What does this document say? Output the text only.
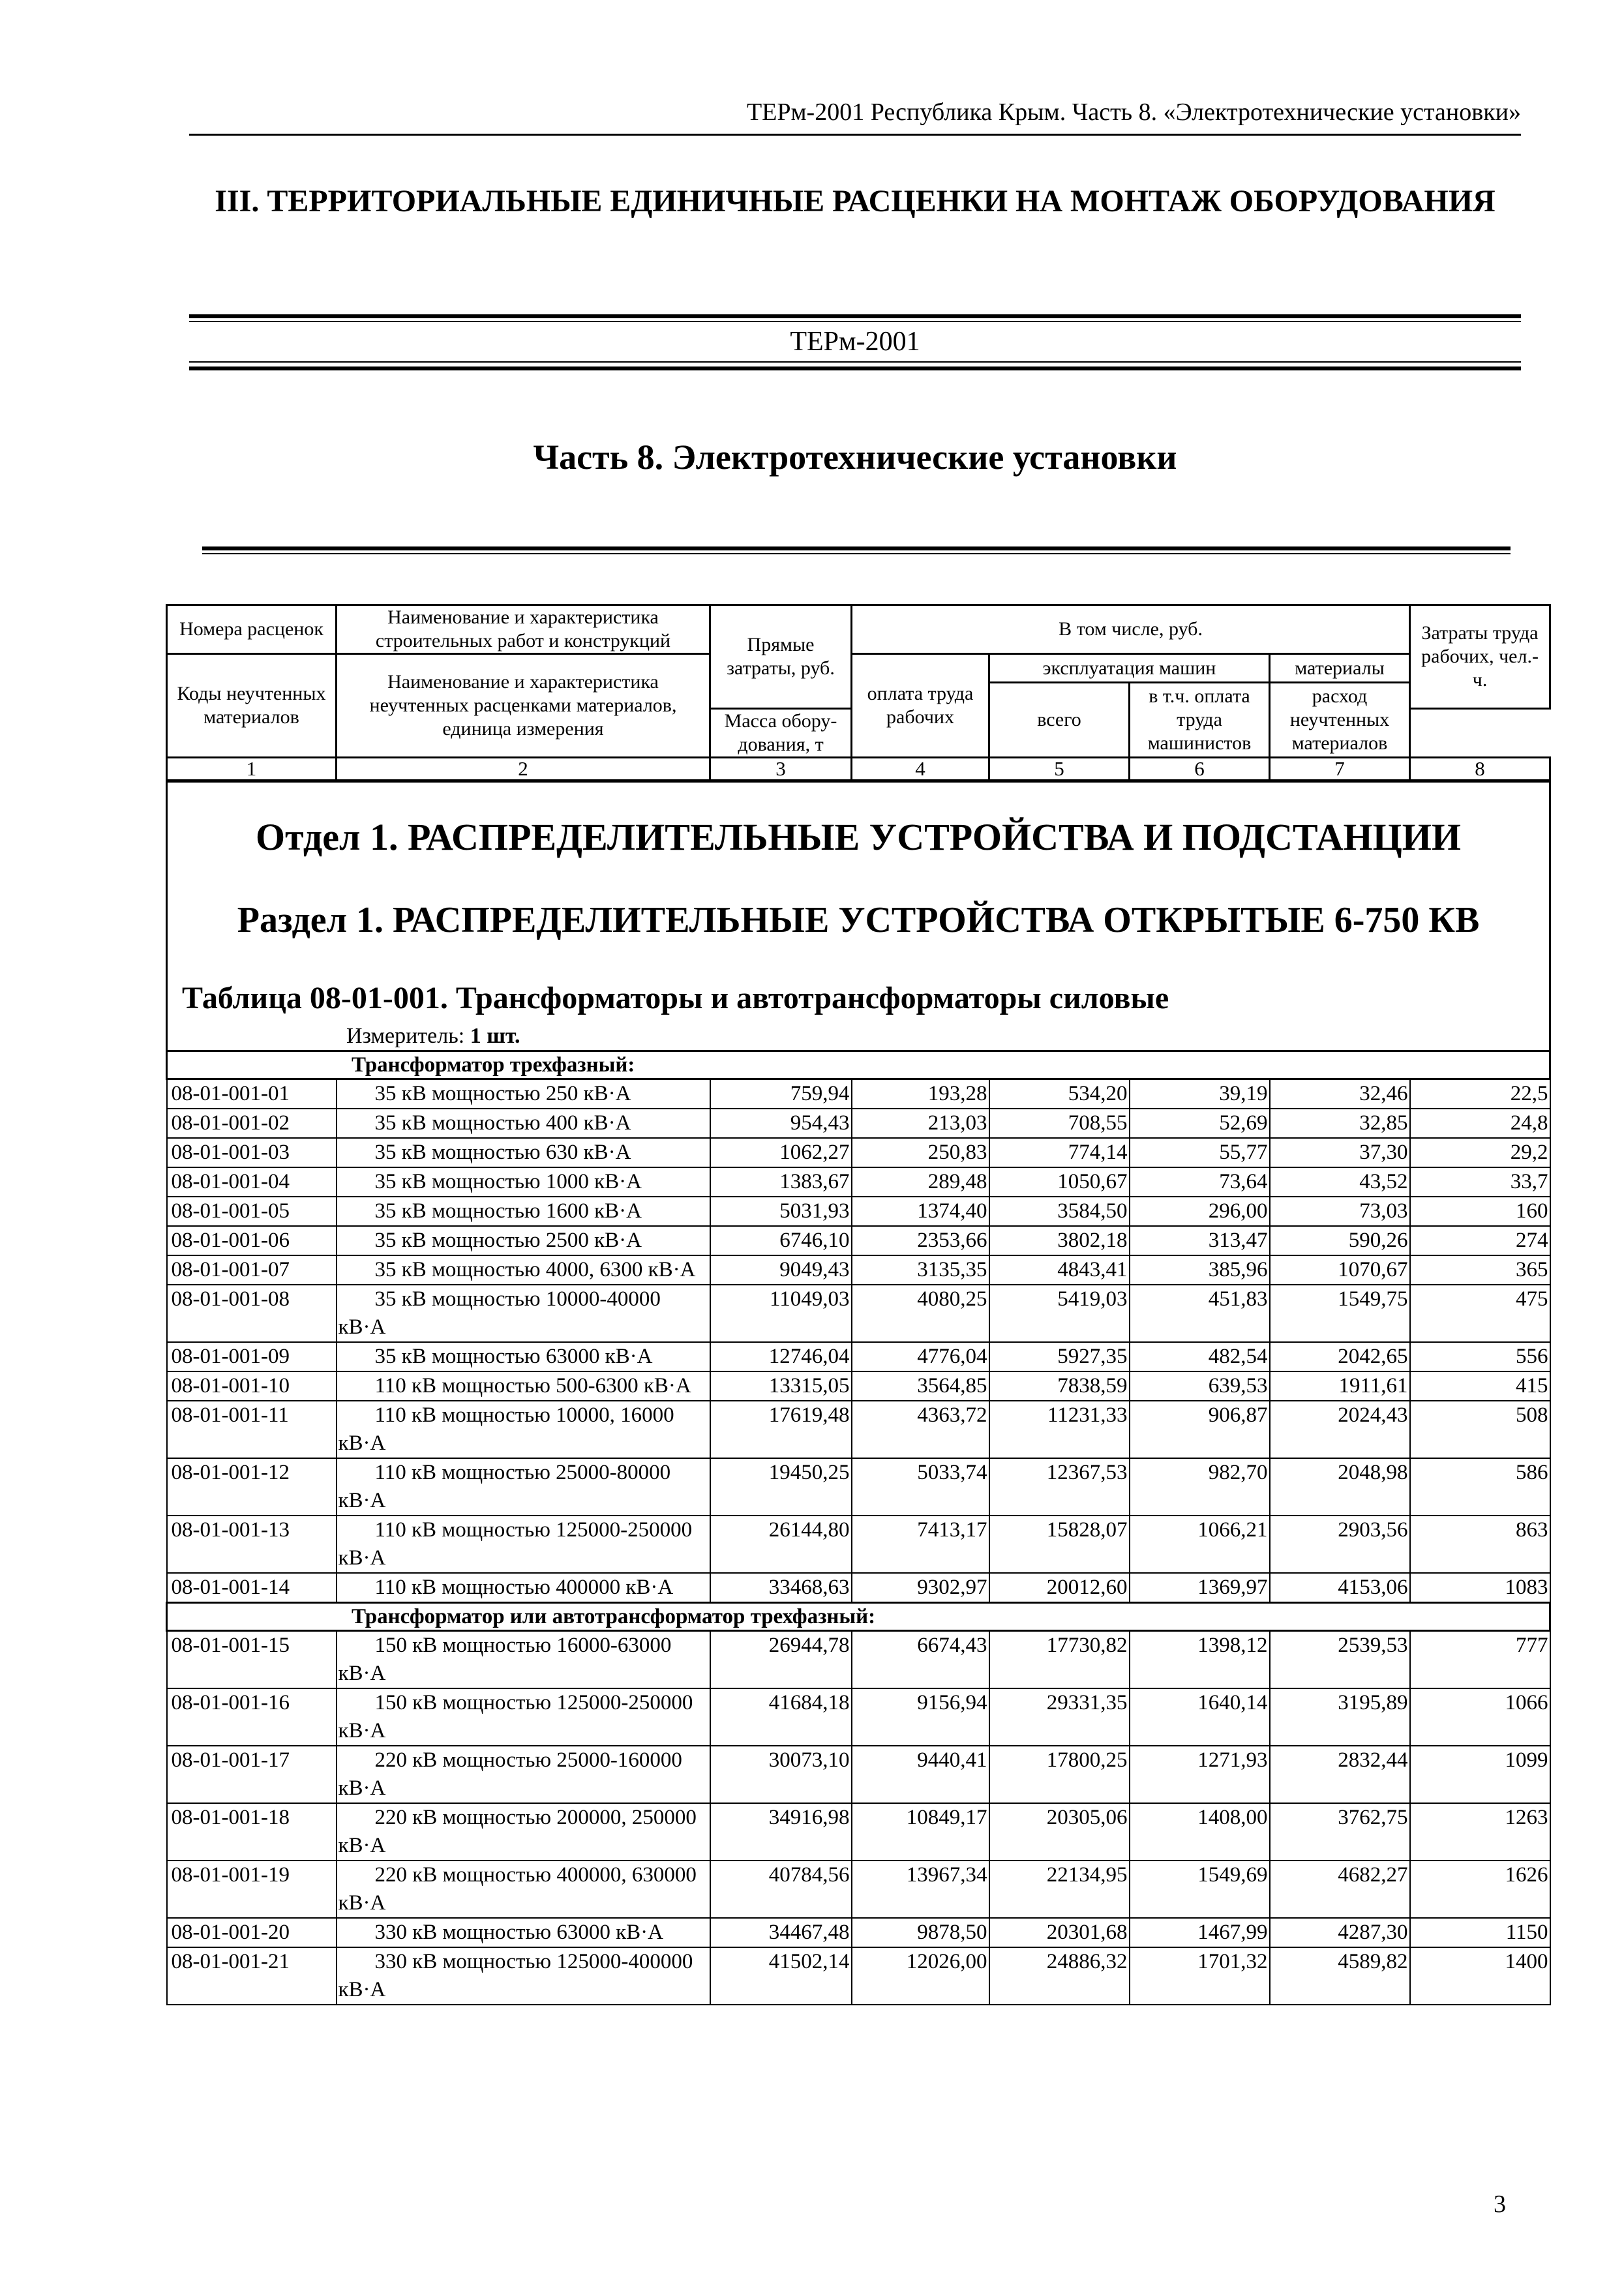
ТЕРм-2001 Республика Крым. Часть 8. «Электротехнические установки»
III. ТЕРРИТОРИАЛЬНЫЕ ЕДИНИЧНЫЕ РАСЦЕНКИ НА МОНТАЖ ОБОРУДОВАНИЯ
ТЕРм-2001
Часть 8. Электротехнические установки
Номера расценок	Наименование и характеристика строительных работ и конструкций	Прямые затраты, руб.	В том числе, руб.				Затраты труда рабочих, чел.-ч.
Коды неучтенных материалов	Наименование и характеристика неучтенных расценками материалов, единица измерения		оплата труда рабочих	эксплуатация машин		материалы	
				всего	в т.ч. оплата труда машинистов	расход неучтенных материалов	
		Масса обору-дования, т					
1	2	3	4	5	6	7	8

Отдел 1. РАСПРЕДЕЛИТЕЛЬНЫЕ УСТРОЙСТВА И ПОДСТАНЦИИ
Раздел 1. РАСПРЕДЕЛИТЕЛЬНЫЕ УСТРОЙСТВА ОТКРЫТЫЕ 6-750 КВ
Таблица 08-01-001. Трансформаторы и автотрансформаторы силовые
Измеритель: 1 шт.							

Трансформатор трехфазный:							
08-01-001-01	35 кВ мощностью 250 кВ·А	759,94	193,28	534,20	39,19	32,46	22,5
08-01-001-02	35 кВ мощностью 400 кВ·А	954,43	213,03	708,55	52,69	32,85	24,8
08-01-001-03	35 кВ мощностью 630 кВ·А	1062,27	250,83	774,14	55,77	37,30	29,2
08-01-001-04	35 кВ мощностью 1000 кВ·А	1383,67	289,48	1050,67	73,64	43,52	33,7
08-01-001-05	35 кВ мощностью 1600 кВ·А	5031,93	1374,40	3584,50	296,00	73,03	160
08-01-001-06	35 кВ мощностью 2500 кВ·А	6746,10	2353,66	3802,18	313,47	590,26	274
08-01-001-07	35 кВ мощностью 4000, 6300 кВ·А	9049,43	3135,35	4843,41	385,96	1070,67	365
08-01-001-08	35 кВ мощностью 10000-40000 кВ·А	11049,03	4080,25	5419,03	451,83	1549,75	475
08-01-001-09	35 кВ мощностью 63000 кВ·А	12746,04	4776,04	5927,35	482,54	2042,65	556
08-01-001-10	110 кВ мощностью 500-6300 кВ·А	13315,05	3564,85	7838,59	639,53	1911,61	415
08-01-001-11	110 кВ мощностью 10000, 16000 кВ·А	17619,48	4363,72	11231,33	906,87	2024,43	508
08-01-001-12	110 кВ мощностью 25000-80000 кВ·А	19450,25	5033,74	12367,53	982,70	2048,98	586
08-01-001-13	110 кВ мощностью 125000-250000 кВ·А	26144,80	7413,17	15828,07	1066,21	2903,56	863
08-01-001-14	110 кВ мощностью 400000 кВ·А	33468,63	9302,97	20012,60	1369,97	4153,06	1083
Трансформатор или автотрансформатор трехфазный:							
08-01-001-15	150 кВ мощностью 16000-63000 кВ·А	26944,78	6674,43	17730,82	1398,12	2539,53	777
08-01-001-16	150 кВ мощностью 125000-250000 кВ·А	41684,18	9156,94	29331,35	1640,14	3195,89	1066
08-01-001-17	220 кВ мощностью 25000-160000 кВ·А	30073,10	9440,41	17800,25	1271,93	2832,44	1099
08-01-001-18	220 кВ мощностью 200000, 250000 кВ·А	34916,98	10849,17	20305,06	1408,00	3762,75	1263
08-01-001-19	220 кВ мощностью 400000, 630000 кВ·А	40784,56	13967,34	22134,95	1549,69	4682,27	1626
08-01-001-20	330 кВ мощностью 63000 кВ·А	34467,48	9878,50	20301,68	1467,99	4287,30	1150
08-01-001-21	330 кВ мощностью 125000-400000 кВ·А	41502,14	12026,00	24886,32	1701,32	4589,82	1400
3
